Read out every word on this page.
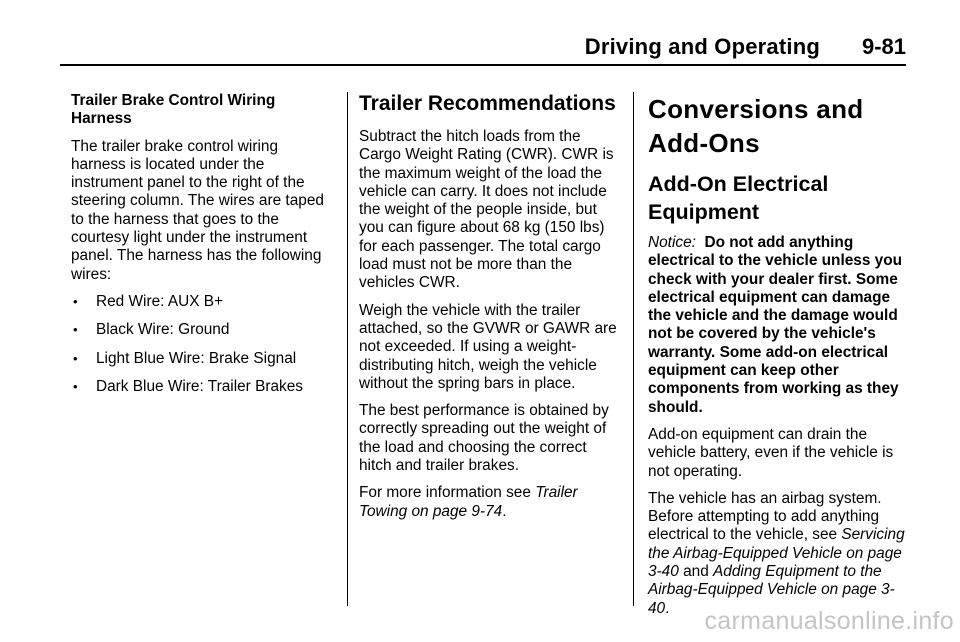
Driving and Operating 9-81
Trailer Brake Control Wiring
Harness

The trailer brake control wiring harness is located under the instrument panel to the right of the steering column. The wires are taped to the harness that goes to the courtesy light under the instrument panel. The harness has the following wires:

• Red Wire: AUX B+
• Black Wire: Ground
• Light Blue Wire: Brake Signal
• Dark Blue Wire: Trailer Brakes
Trailer Recommendations

Subtract the hitch loads from the Cargo Weight Rating (CWR). CWR is the maximum weight of the load the vehicle can carry. It does not include the weight of the people inside, but you can figure about 68 kg (150 lbs) for each passenger. The total cargo load must not be more than the vehicles CWR.

Weigh the vehicle with the trailer attached, so the GVWR or GAWR are not exceeded. If using a weight-distributing hitch, weigh the vehicle without the spring bars in place.

The best performance is obtained by correctly spreading out the weight of the load and choosing the correct hitch and trailer brakes.

For more information see Trailer Towing on page 9-74.

Conversions and Add-Ons
Add-On Electrical Equipment

Notice: Do not add anything electrical to the vehicle unless you check with your dealer first. Some electrical equipment can damage the vehicle and the damage would not be covered by the vehicle's warranty. Some add-on electrical equipment can keep other components from working as they should.

Add-on equipment can drain the vehicle battery, even if the vehicle is not operating.

The vehicle has an airbag system. Before attempting to add anything electrical to the vehicle, see Servicing the Airbag-Equipped Vehicle on page 3-40 and Adding Equipment to the Airbag-Equipped Vehicle on page 3-40.	carmanualsonline.info
